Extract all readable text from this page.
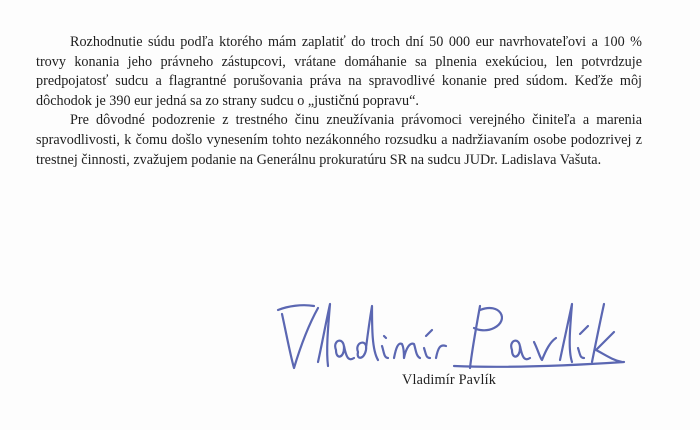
Rozhodnutie súdu podľa ktorého mám zaplatiť do troch dní 50 000 eur navrhovateľovi a 100 % trovy konania jeho právneho zástupcovi, vrátane domáhanie sa plnenia exekúciou, len potvrdzuje predpojatosť sudcu a flagrantné porušovania práva na spravodlivé konanie pred súdom. Keďže môj dôchodok je 390 eur jedná sa zo strany sudcu o „justičnú popravu“.
Pre dôvodné podozrenie z trestného činu zneužívania právomoci verejného činiteľa a marenia spravodlivosti, k čomu došlo vynesením tohto nezákonného rozsudku a nadržiavaním osobe podozrivej z trestnej činnosti, zvažujem podanie na Generálnu prokuratúru SR na sudcu JUDr. Ladislava Vašuta.

Vladimír Pavlík
